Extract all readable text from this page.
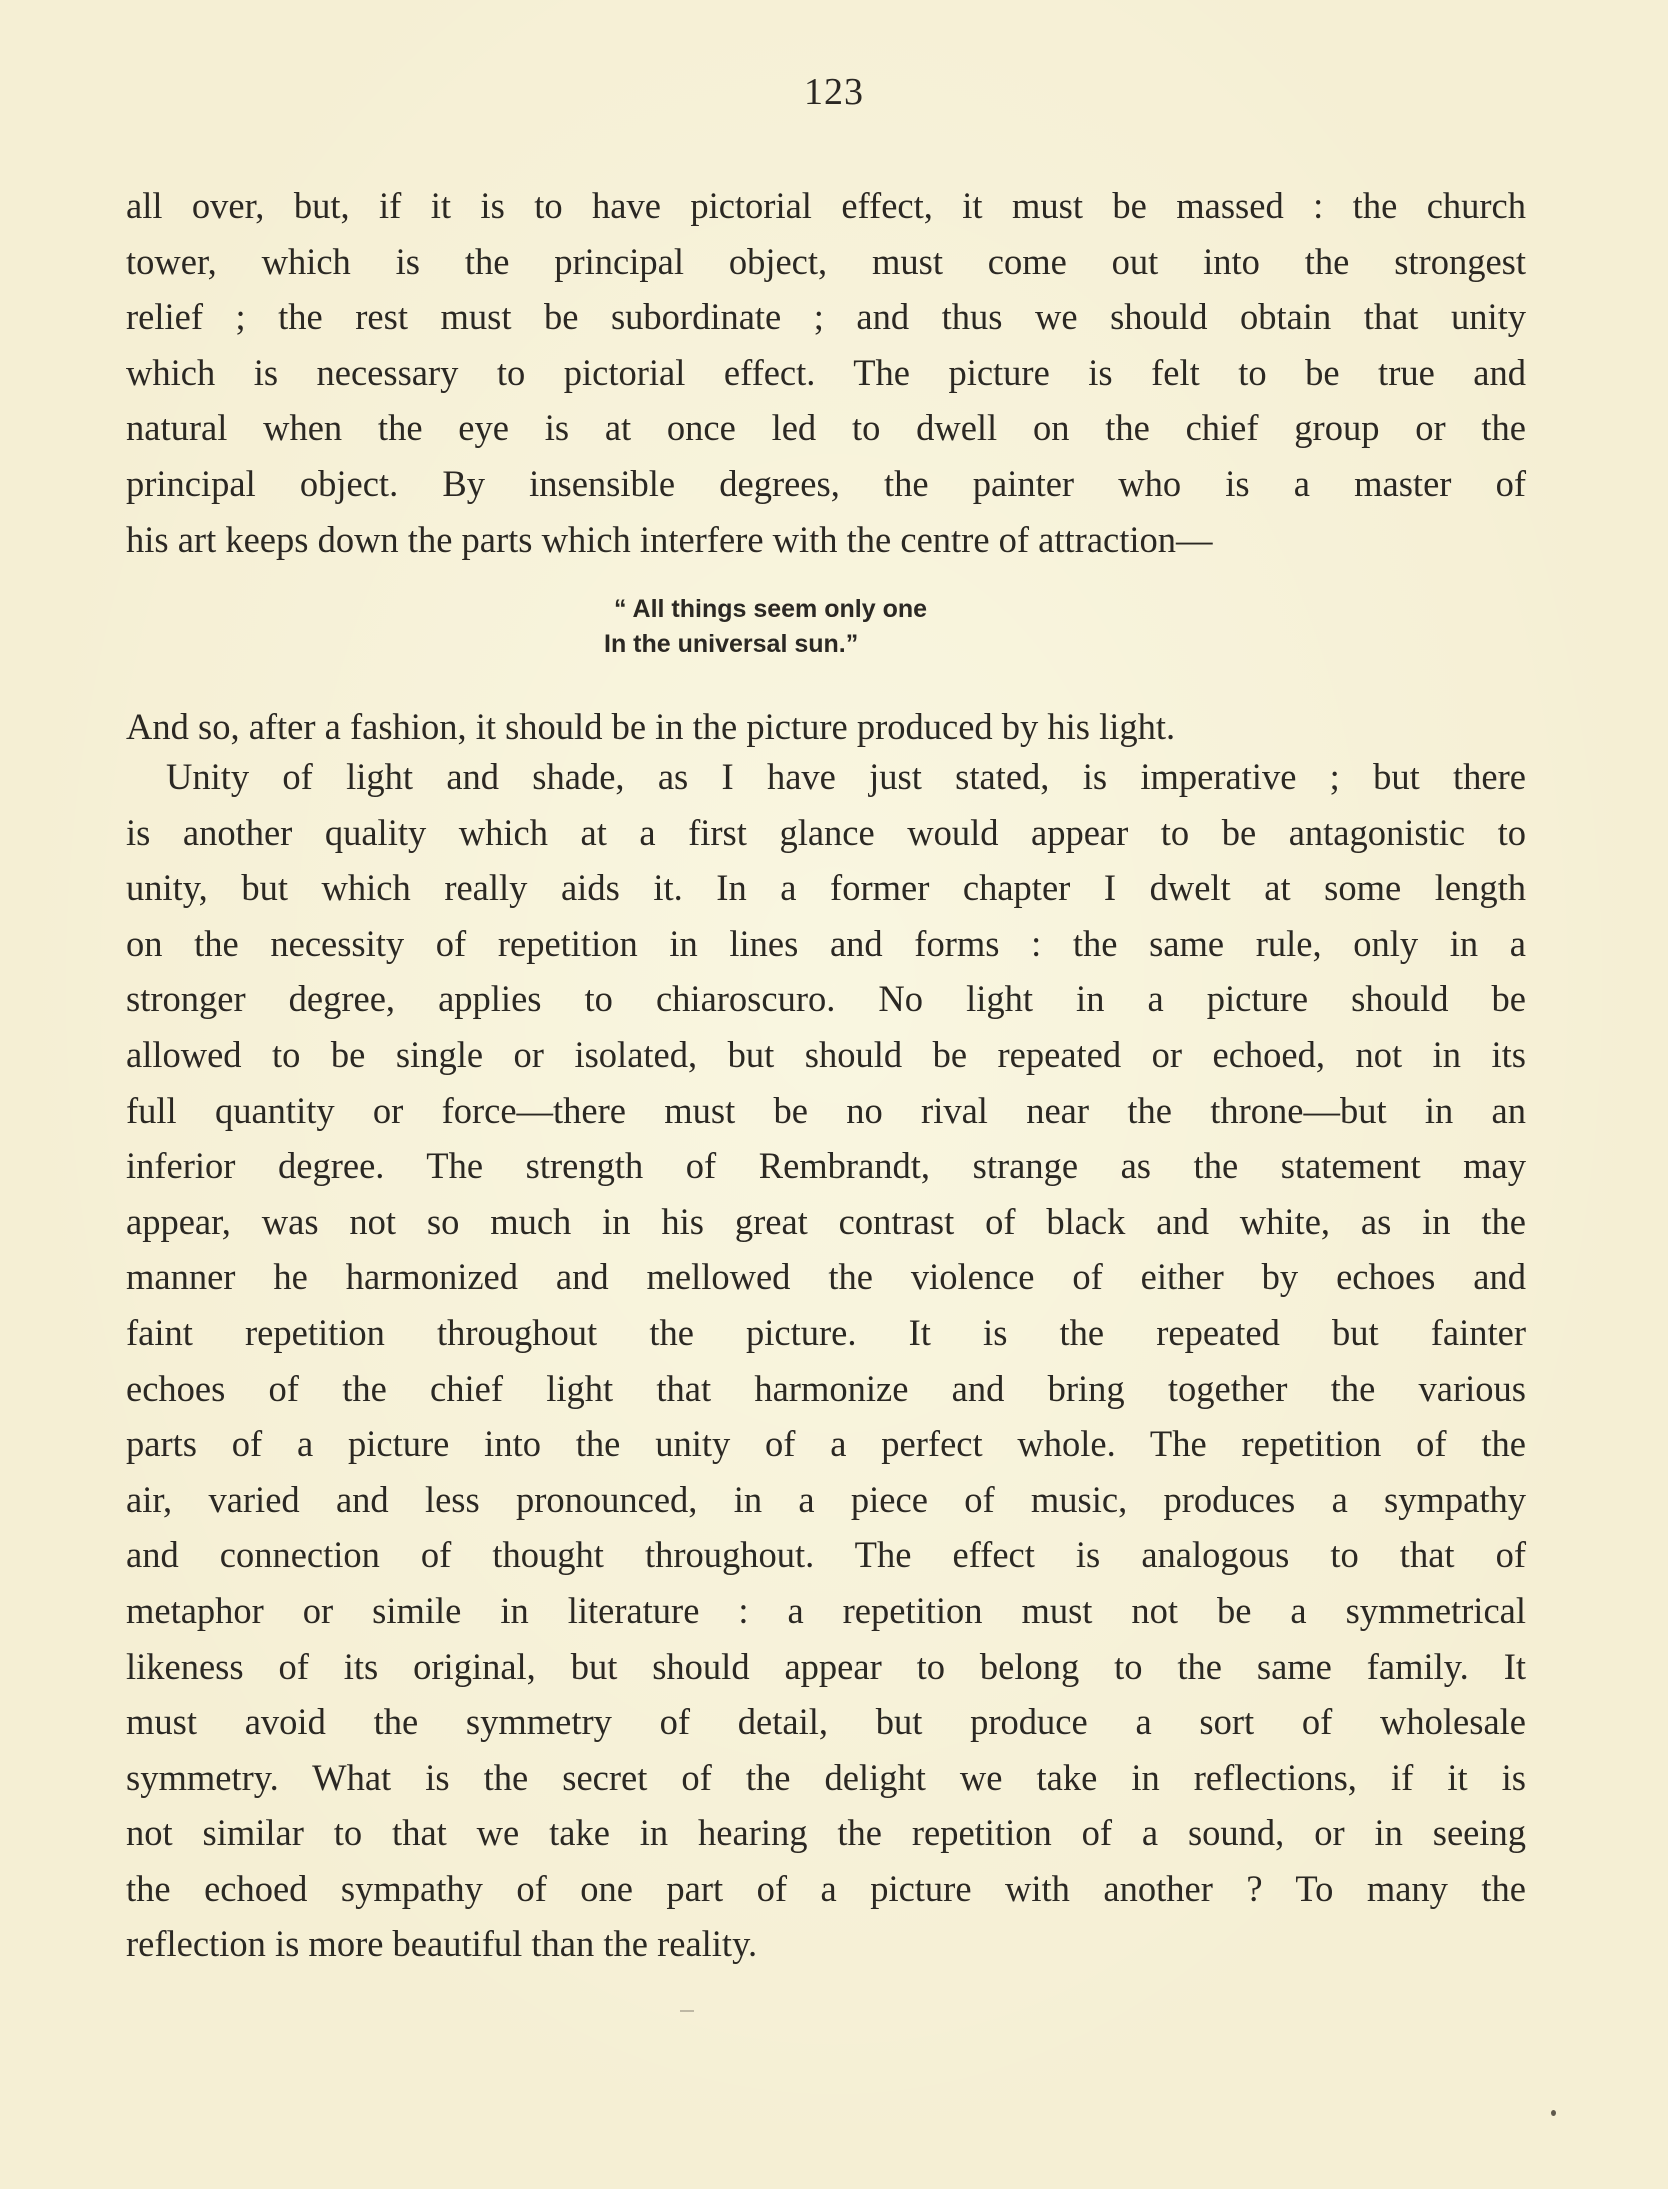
123

all over, but, if it is to have pictorial effect, it must be massed : the church

tower, which is the principal object, must come out into the strongest

relief ; the rest must be subordinate ; and thus we should obtain that unity

which is necessary to pictorial effect. The picture is felt to be true and

natural when the eye is at once led to dwell on the chief group or the

principal object. By insensible degrees, the painter who is a master of

his art keeps down the parts which interfere with the centre of attraction—

“ All things seem only one
In the universal sun.”

And so, after a fashion, it should be in the picture produced by his light.

Unity of light and shade, as I have just stated, is imperative ; but there

is another quality which at a first glance would appear to be antagonistic to

unity, but which really aids it. In a former chapter I dwelt at some length

on the necessity of repetition in lines and forms : the same rule, only in a

stronger degree, applies to chiaroscuro. No light in a picture should be

allowed to be single or isolated, but should be repeated or echoed, not in its

full quantity or force—there must be no rival near the throne—but in an

inferior degree. The strength of Rembrandt, strange as the statement may

appear, was not so much in his great contrast of black and white, as in the

manner he harmonized and mellowed the violence of either by echoes and

faint repetition throughout the picture. It is the repeated but fainter

echoes of the chief light that harmonize and bring together the various

parts of a picture into the unity of a perfect whole. The repetition of the

air, varied and less pronounced, in a piece of music, produces a sympathy

and connection of thought throughout. The effect is analogous to that of

metaphor or simile in literature : a repetition must not be a symmetrical

likeness of its original, but should appear to belong to the same family. It

must avoid the symmetry of detail, but produce a sort of wholesale

symmetry. What is the secret of the delight we take in reflections, if it is

not similar to that we take in hearing the repetition of a sound, or in seeing

the echoed sympathy of one part of a picture with another ? To many the

reflection is more beautiful than the reality.
